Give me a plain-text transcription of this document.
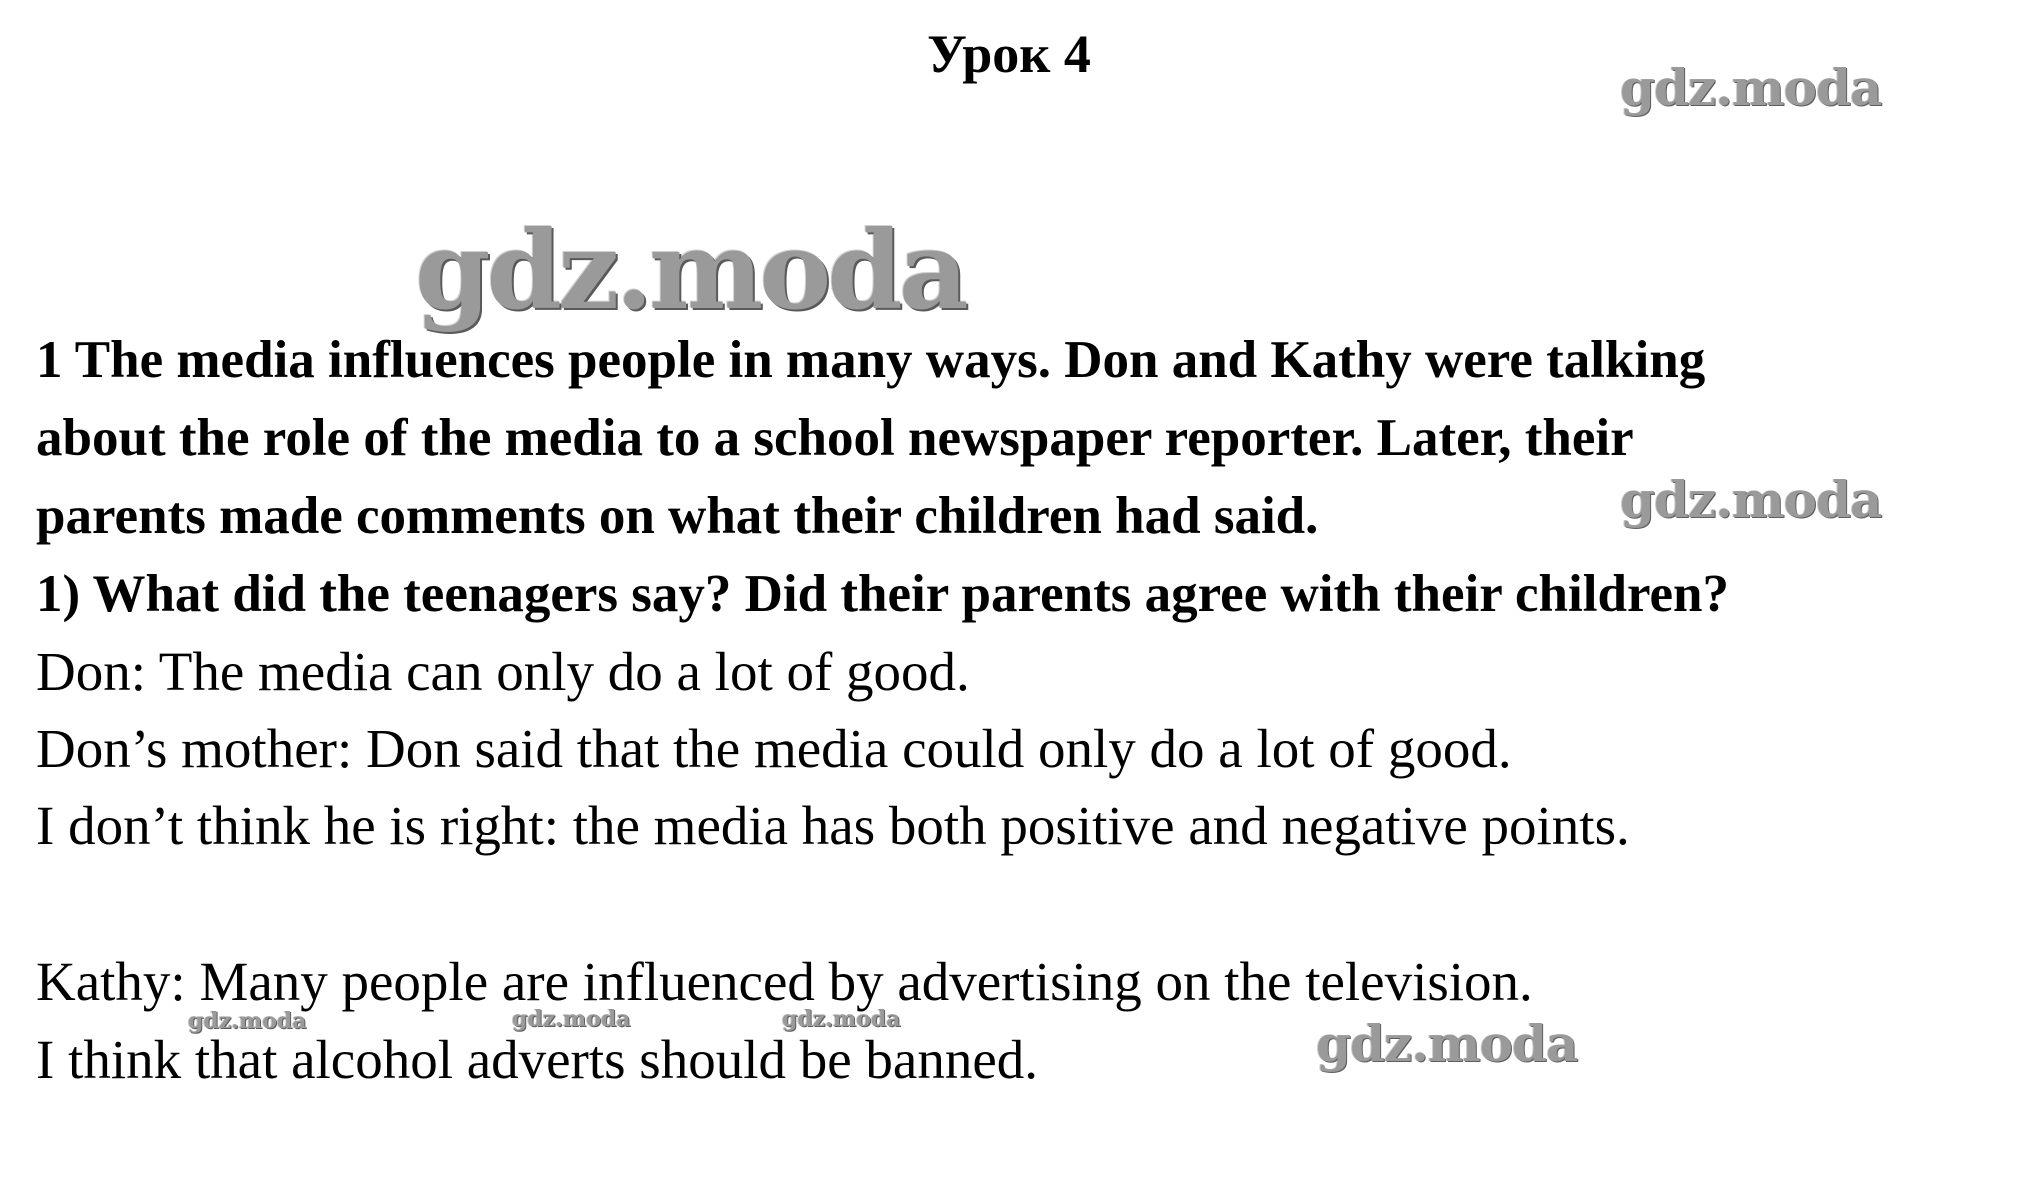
Урок 4
1 The media influences people in many ways. Don and Kathy were talking
about the role of the media to a school newspaper reporter. Later, their
parents made comments on what their children had said.
1) What did the teenagers say? Did their parents agree with their children?
Don: The media can only do a lot of good.
Don’s mother: Don said that the media could only do a lot of good.
I don’t think he is right: the media has both positive and negative points.
Kathy: Many people are influenced by advertising on the television.
I think that alcohol adverts should be banned.
gdz.moda
gdz.moda
gdz.moda
gdz.moda
gdz.moda	gdz.moda	gdz.moda
